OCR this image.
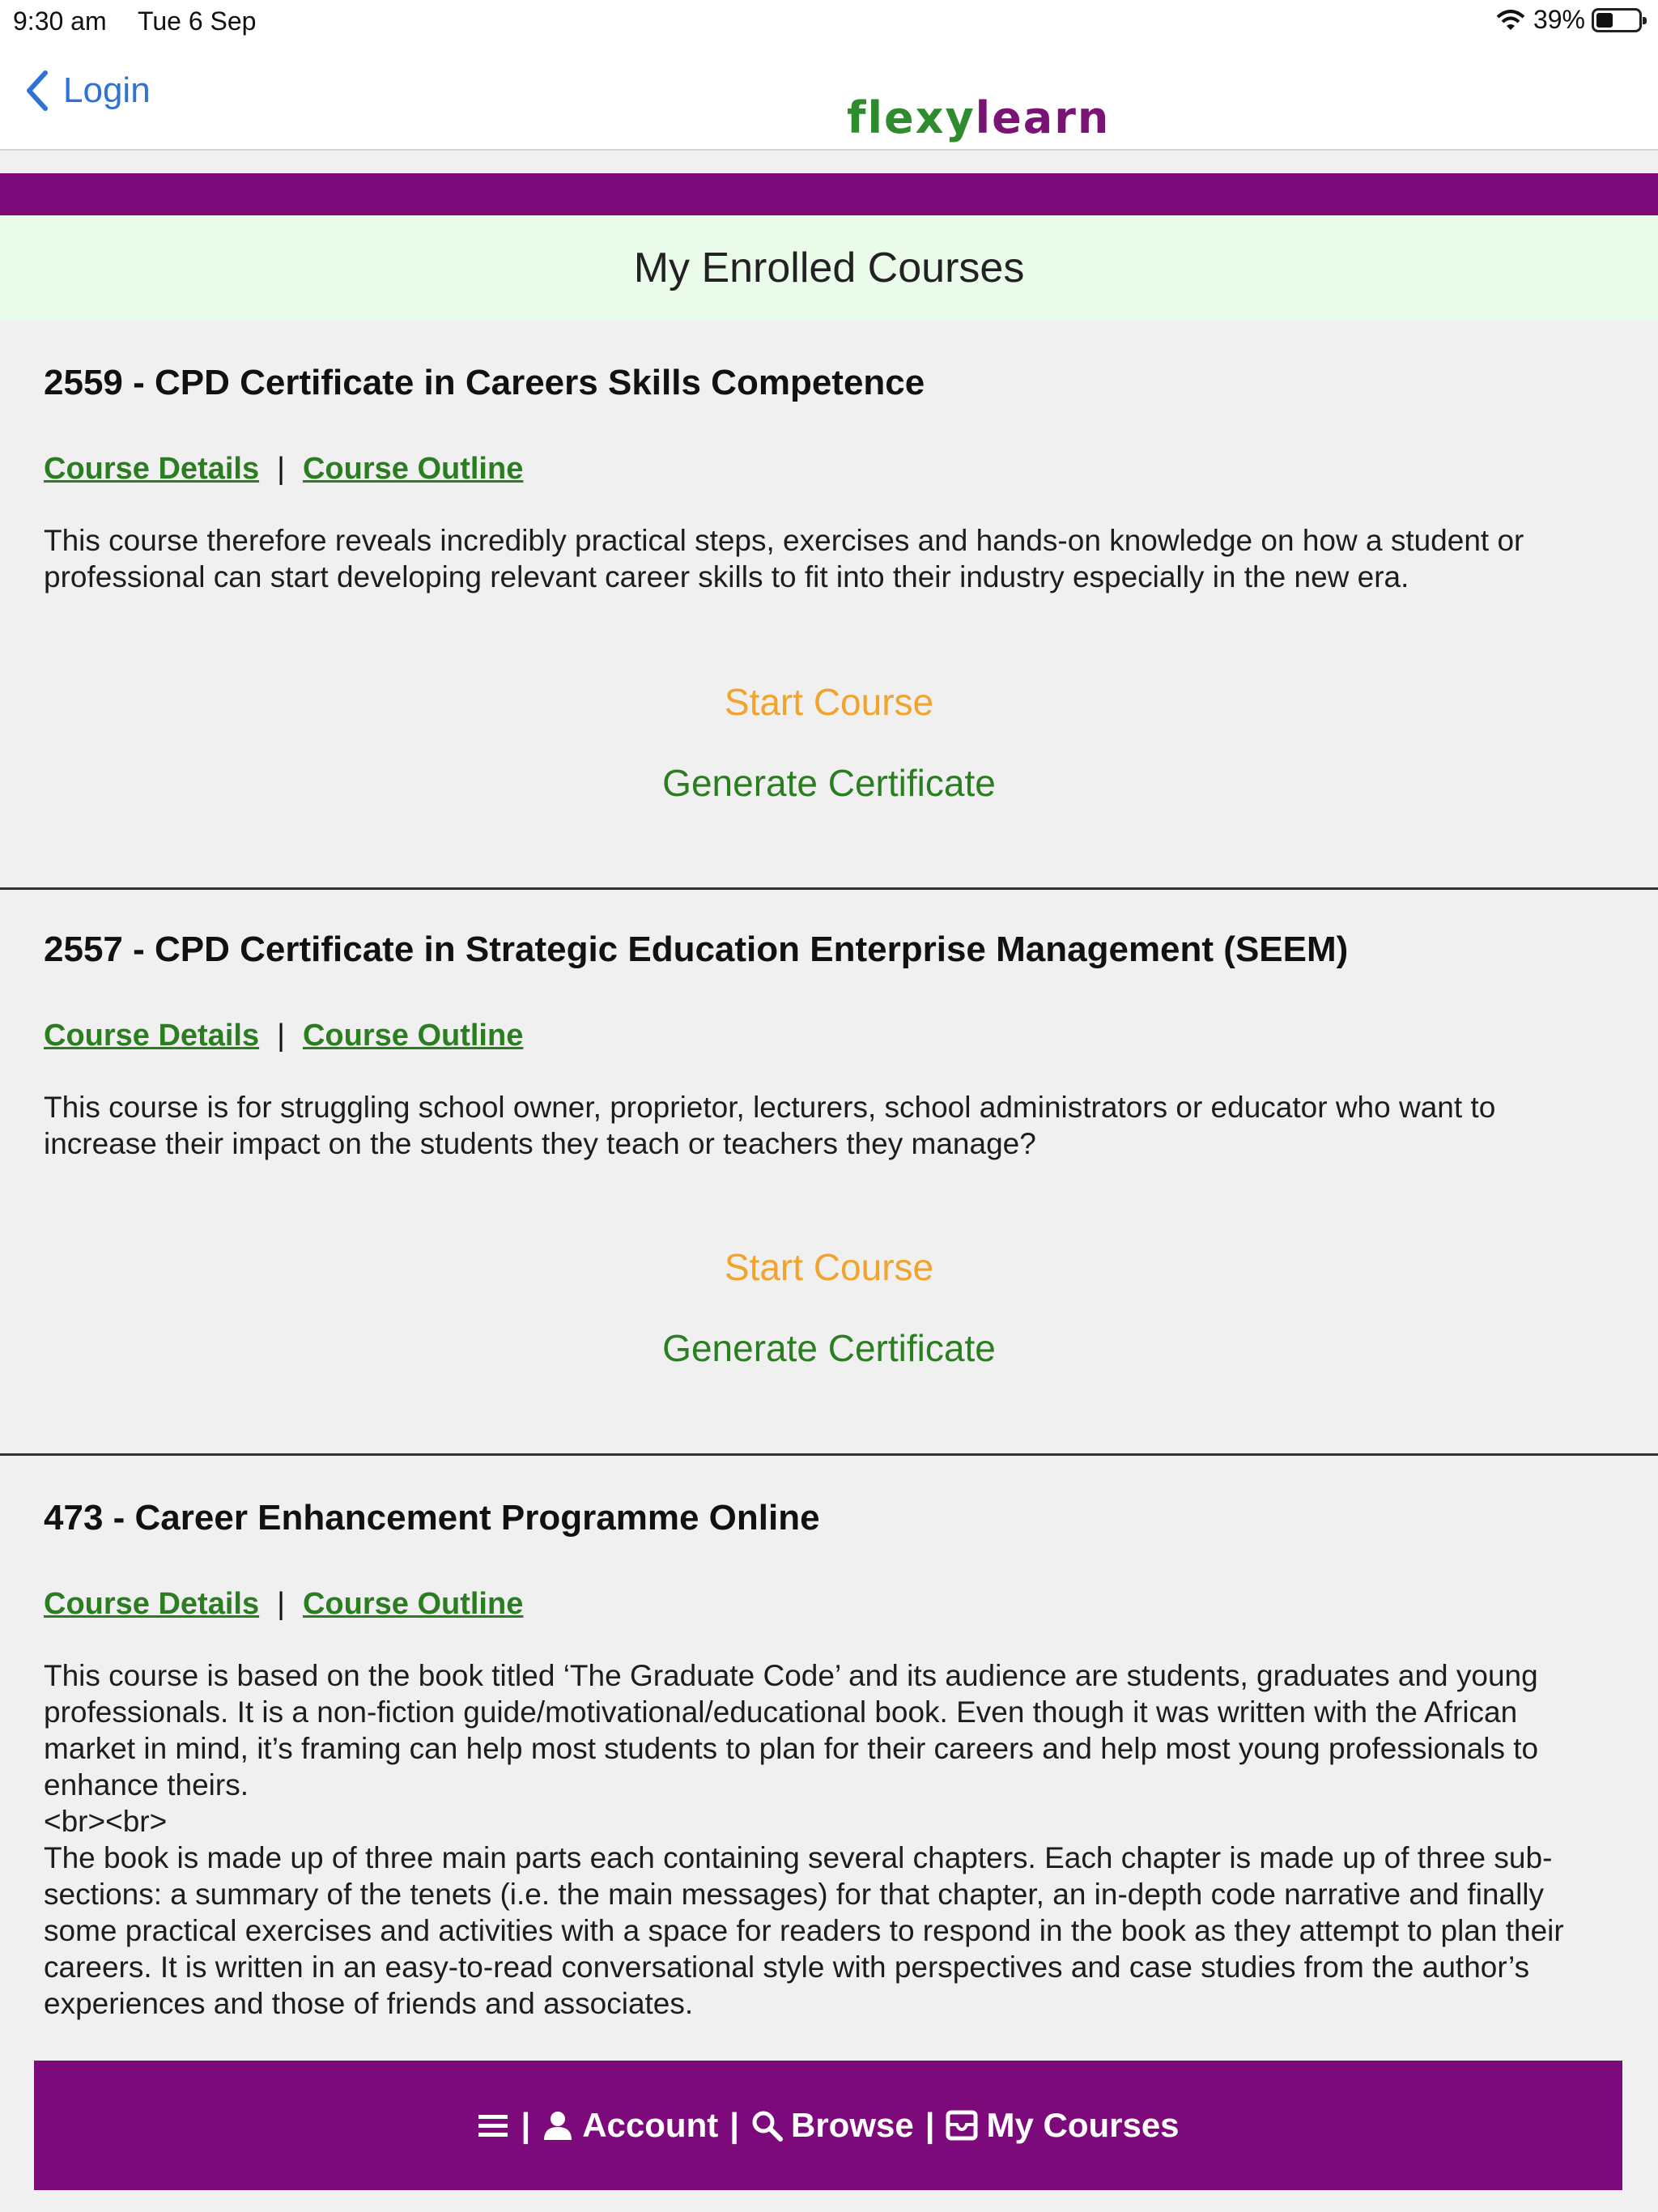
9:30 am Tue 6 Sep	39%
Login
flexylearn
My Enrolled Courses
2559 - CPD Certificate in Careers Skills Competence
Course Details | Course Outline
This course therefore reveals incredibly practical steps, exercises and hands-on knowledge on how a student or professional can start developing relevant career skills to fit into their industry especially in the new era.
Start Course
Generate Certificate
2557 - CPD Certificate in Strategic Education Enterprise Management (SEEM)
Course Details | Course Outline
This course is for struggling school owner, proprietor, lecturers, school administrators or educator who want to increase their impact on the students they teach or teachers they manage?
Start Course
Generate Certificate
473 - Career Enhancement Programme Online
Course Details | Course Outline
This course is based on the book titled ‘The Graduate Code’ and its audience are students, graduates and young professionals. It is a non-fiction guide/motivational/educational book. Even though it was written with the African market in mind, it’s framing can help most students to plan for their careers and help most young professionals to enhance theirs.
<br><br>
The book is made up of three main parts each containing several chapters. Each chapter is made up of three sub-sections: a summary of the tenets (i.e. the main messages) for that chapter, an in-depth code narrative and finally some practical exercises and activities with a space for readers to respond in the book as they attempt to plan their careers. It is written in an easy-to-read conversational style with perspectives and case studies from the author’s experiences and those of friends and associates.
| Account | Browse | My Courses
